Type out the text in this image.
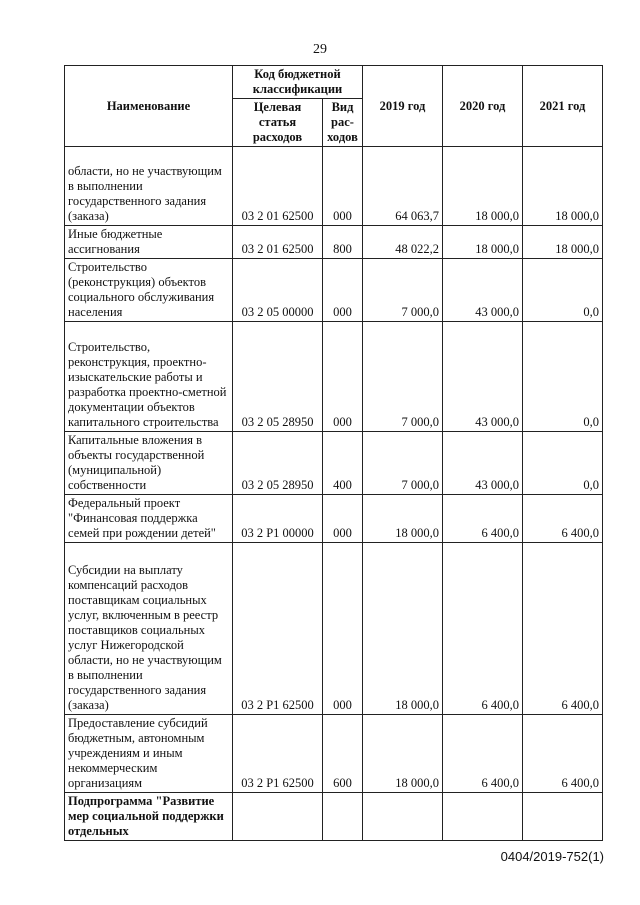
29
Наименование	Код бюджетной классификации		2019 год	2020 год	2021 год
	Целевая статья расходов	Вид рас-ходов			
области, но не участвующим в выполнении государственного задания (заказа)	03 2 01 62500	000	64 063,7	18 000,0	18 000,0
Иные бюджетные ассигнования	03 2 01 62500	800	48 022,2	18 000,0	18 000,0
Строительство (реконструкция) объектов социального обслуживания населения	03 2 05 00000	000	7 000,0	43 000,0	0,0
Строительство, реконструкция, проектно-изыскательские работы и разработка проектно-сметной документации объектов капитального строительства	03 2 05 28950	000	7 000,0	43 000,0	0,0
Капитальные вложения в объекты государственной (муниципальной) собственности	03 2 05 28950	400	7 000,0	43 000,0	0,0
Федеральный проект "Финансовая поддержка семей при рождении детей"	03 2 P1 00000	000	18 000,0	6 400,0	6 400,0
Субсидии на выплату компенсаций расходов поставщикам социальных услуг, включенным в реестр поставщиков социальных услуг Нижегородской области, но не участвующим в выполнении государственного задания (заказа)	03 2 P1 62500	000	18 000,0	6 400,0	6 400,0
Предоставление субсидий бюджетным, автономным учреждениям и иным некоммерческим организациям	03 2 P1 62500	600	18 000,0	6 400,0	6 400,0
Подпрограмма "Развитие мер социальной поддержки отдельных					
0404/2019-752(1)
